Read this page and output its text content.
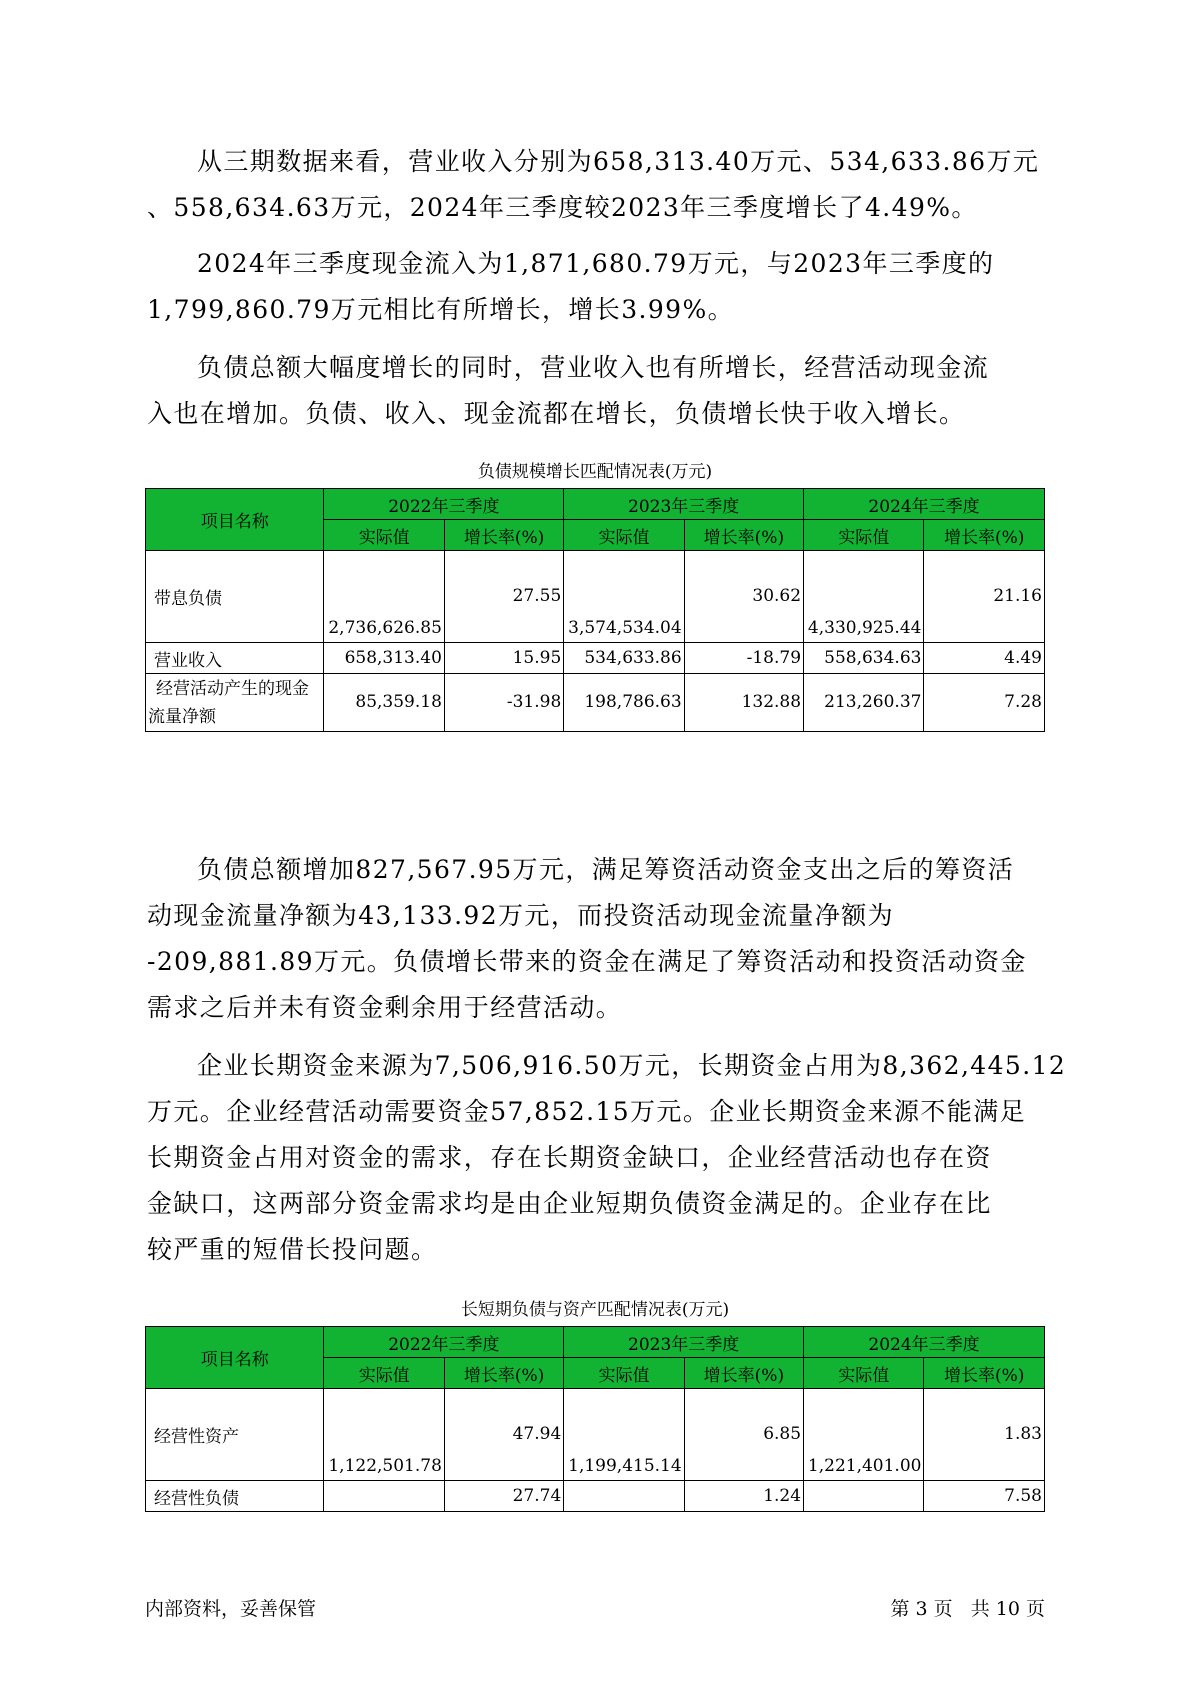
从三期数据来看，营业收入分别为658,313.40万元、534,633.86万元
、558,634.63万元，2024年三季度较2023年三季度增长了4.49%。

2024年三季度现金流入为1,871,680.79万元，与2023年三季度的
1,799,860.79万元相比有所增长，增长3.99%。

负债总额大幅度增长的同时，营业收入也有所增长，经营活动现金流
入也在增加。负债、收入、现金流都在增长，负债增长快于收入增长。

负债规模增长匹配情况表(万元)
项目名称	2022年三季度		2023年三季度		2024年三季度	
	实际值	增长率(%)	实际值	增长率(%)	实际值	增长率(%)
带息负债	2,736,626.85	27.55	3,574,534.04	30.62	4,330,925.44	21.16
营业收入	658,313.40	15.95	534,633.86	-18.79	558,634.63	4.49
经营活动产生的现金流量净额	85,359.18	-31.98	198,786.63	132.88	213,260.37	7.28

负债总额增加827,567.95万元，满足筹资活动资金支出之后的筹资活
动现金流量净额为43,133.92万元，而投资活动现金流量净额为
-209,881.89万元。负债增长带来的资金在满足了筹资活动和投资活动资金
需求之后并未有资金剩余用于经营活动。

企业长期资金来源为7,506,916.50万元，长期资金占用为8,362,445.12
万元。企业经营活动需要资金57,852.15万元。企业长期资金来源不能满足
长期资金占用对资金的需求，存在长期资金缺口，企业经营活动也存在资
金缺口，这两部分资金需求均是由企业短期负债资金满足的。企业存在比
较严重的短借长投问题。

长短期负债与资产匹配情况表(万元)
项目名称	2022年三季度		2023年三季度		2024年三季度	
	实际值	增长率(%)	实际值	增长率(%)	实际值	增长率(%)
经营性资产	1,122,501.78	47.94	1,199,415.14	6.85	1,221,401.00	1.83
经营性负债		27.74		1.24		7.58
内部资料，妥善保管	第 3 页   共 10 页
